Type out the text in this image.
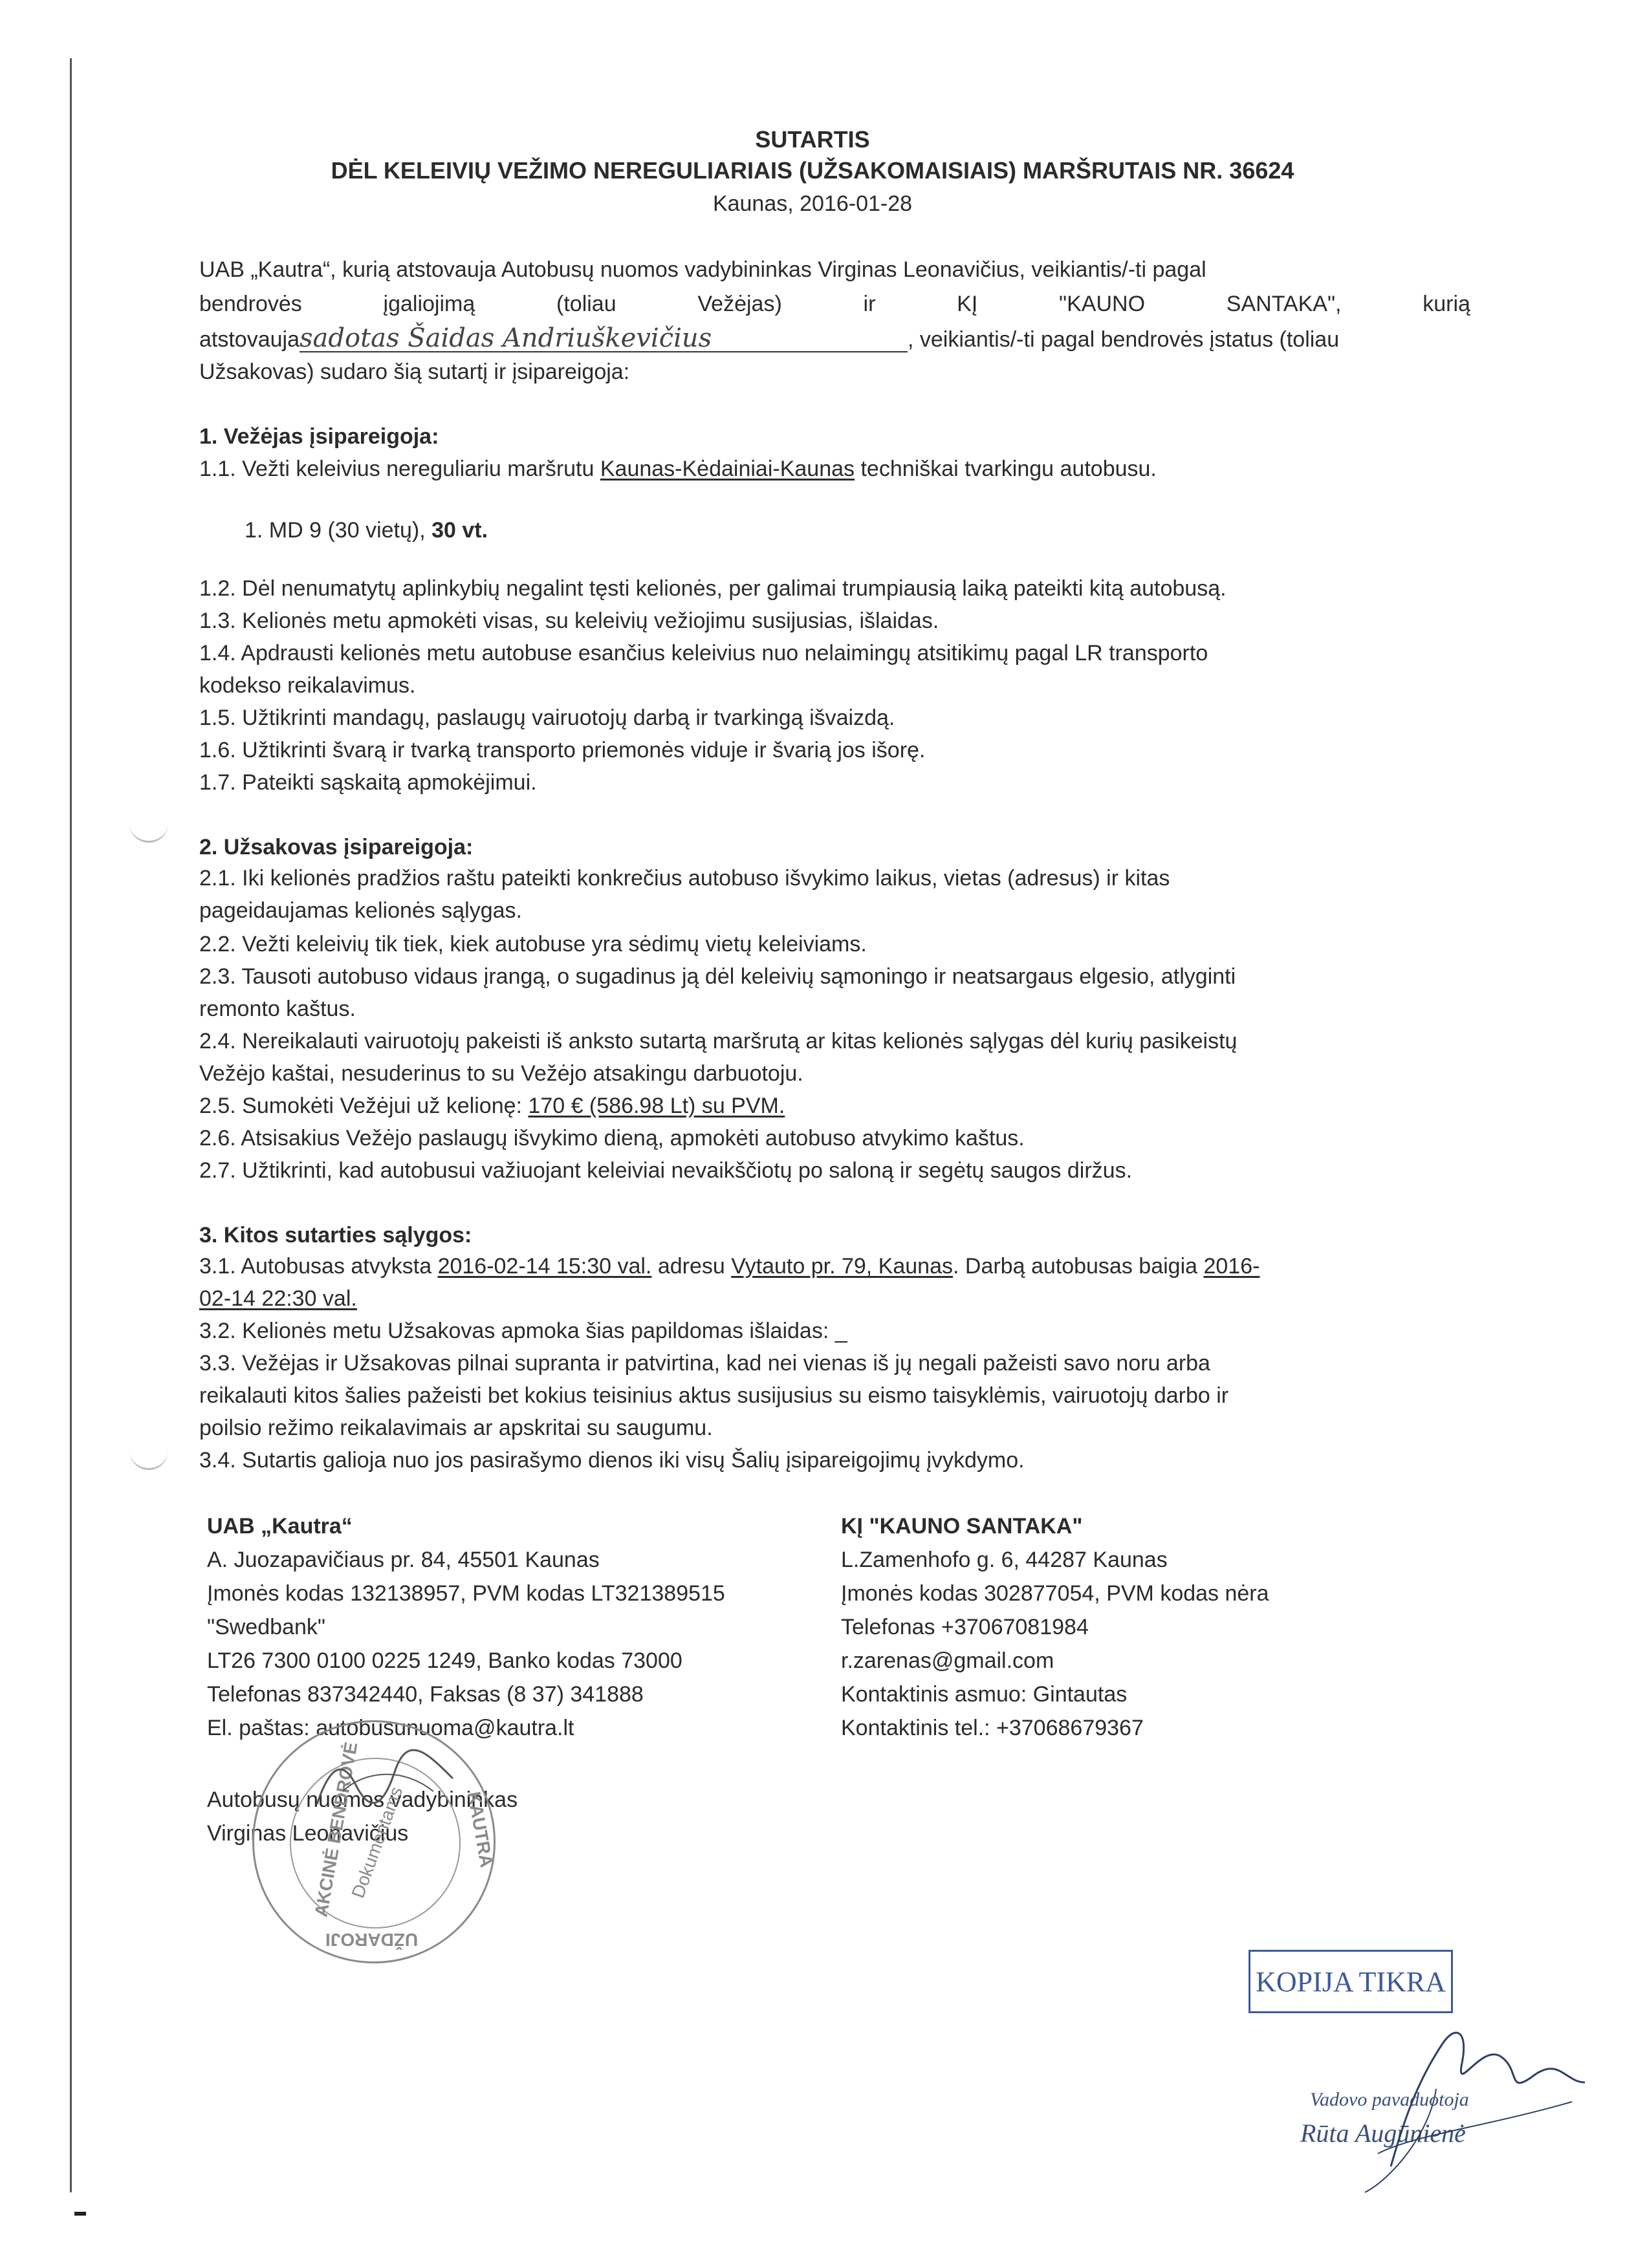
SUTARTIS
DĖL KELEIVIŲ VEŽIMO NEREGULIARIAIS (UŽSAKOMAISIAIS) MARŠRUTAIS NR. 36624
Kaunas, 2016-01-28
UAB „Kautra“, kurią atstovauja Autobusų nuomos vadybininkas Virginas Leonavičius, veikiantis/-ti pagal
bendrovės	įgaliojimą	(toliau	Vežėjas)	ir	KĮ	"KAUNO	SANTAKA",	kurią
atstovaujasadotas Šaidas Andriuškevičius	, veikiantis/-ti pagal bendrovės įstatus (toliau
Užsakovas) sudaro šią sutartį ir įsipareigoja:
1. Vežėjas įsipareigoja:
1.1. Vežti keleivius nereguliariu maršrutu Kaunas-Kėdainiai-Kaunas techniškai tvarkingu autobusu.
1. MD 9 (30 vietų), 30 vt.
1.2. Dėl nenumatytų aplinkybių negalint tęsti kelionės, per galimai trumpiausią laiką pateikti kitą autobusą.
1.3. Kelionės metu apmokėti visas, su keleivių vežiojimu susijusias, išlaidas.
1.4. Apdrausti kelionės metu autobuse esančius keleivius nuo nelaimingų atsitikimų pagal LR transporto
kodekso reikalavimus.
1.5. Užtikrinti mandagų, paslaugų vairuotojų darbą ir tvarkingą išvaizdą.
1.6. Užtikrinti švarą ir tvarką transporto priemonės viduje ir švarią jos išorę.
1.7. Pateikti sąskaitą apmokėjimui.
2. Užsakovas įsipareigoja:
2.1. Iki kelionės pradžios raštu pateikti konkrečius autobuso išvykimo laikus, vietas (adresus) ir kitas
pageidaujamas kelionės sąlygas.
2.2. Vežti keleivių tik tiek, kiek autobuse yra sėdimų vietų keleiviams.
2.3. Tausoti autobuso vidaus įrangą, o sugadinus ją dėl keleivių sąmoningo ir neatsargaus elgesio, atlyginti
remonto kaštus.
2.4. Nereikalauti vairuotojų pakeisti iš anksto sutartą maršrutą ar kitas kelionės sąlygas dėl kurių pasikeistų
Vežėjo kaštai, nesuderinus to su Vežėjo atsakingu darbuotoju.
2.5. Sumokėti Vežėjui už kelionę: 170 € (586.98 Lt) su PVM.
2.6. Atsisakius Vežėjo paslaugų išvykimo dieną, apmokėti autobuso atvykimo kaštus.
2.7. Užtikrinti, kad autobusui važiuojant keleiviai nevaikščiotų po saloną ir segėtų saugos diržus.
3. Kitos sutarties sąlygos:
3.1. Autobusas atvyksta 2016-02-14 15:30 val. adresu Vytauto pr. 79, Kaunas. Darbą autobusas baigia 2016-
02-14 22:30 val.
3.2. Kelionės metu Užsakovas apmoka šias papildomas išlaidas: _
3.3. Vežėjas ir Užsakovas pilnai supranta ir patvirtina, kad nei vienas iš jų negali pažeisti savo noru arba
reikalauti kitos šalies pažeisti bet kokius teisinius aktus susijusius su eismo taisyklėmis, vairuotojų darbo ir
poilsio režimo reikalavimais ar apskritai su saugumu.
3.4. Sutartis galioja nuo jos pasirašymo dienos iki visų Šalių įsipareigojimų įvykdymo.
UAB „Kautra“
A. Juozapavičiaus pr. 84, 45501 Kaunas
Įmonės kodas 132138957, PVM kodas LT321389515
"Swedbank"
LT26 7300 0100 0225 1249, Banko kodas 73000
Telefonas 837342440, Faksas (8 37) 341888
El. paštas: autobusunuoma@kautra.lt
Autobusų nuomos vadybininkas
Virginas Leonavičius
KĮ "KAUNO SANTAKA"
L.Zamenhofo g. 6, 44287 Kaunas
Įmonės kodas 302877054, PVM kodas nėra
Telefonas +37067081984
r.zarenas@gmail.com
Kontaktinis asmuo: Gintautas
Kontaktinis tel.: +37068679367
AKCINĖ BENDROVĖ	KAUTRA
UŽDAROJI
Dokumentams
KOPIJA TIKRA
Vadovo pavaduotoja
Rūta Augūnienė
